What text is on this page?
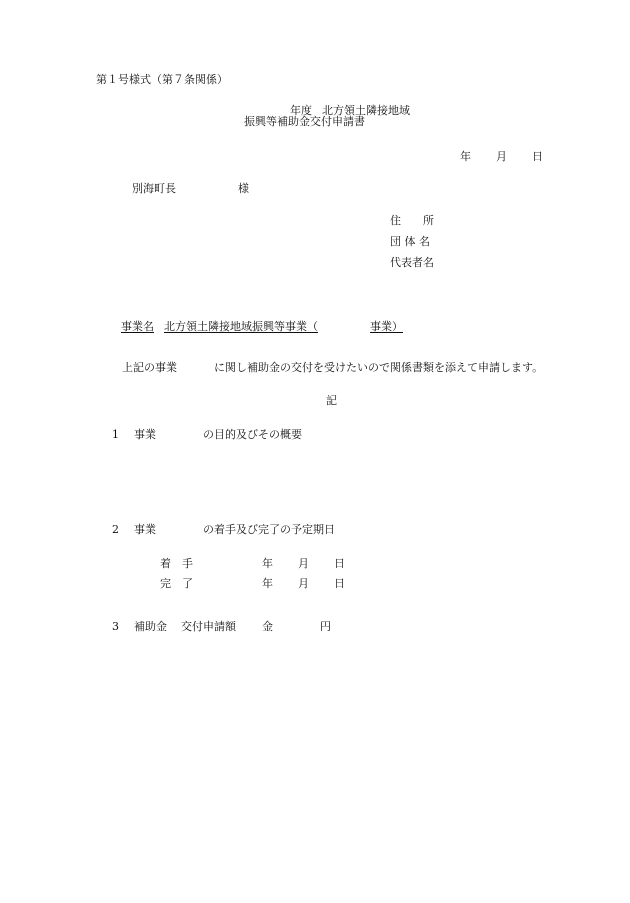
第１号様式（第７条関係）
年度 北方領土隣接地域
振興等補助金交付申請書
年 月 日
別海町長	様
住　　所
団 体 名
代表者名
事業名 北方領土隣接地域振興等事業（	事業）
上記の事業	に関し補助金の交付を受けたいので関係書類を添えて申請します。
記
1 事業	の目的及びその概要
2 事業	の着手及び完了の予定期日
着　手	年 月 日
完　了	年 月 日
3 補助金 交付申請額 金	円
